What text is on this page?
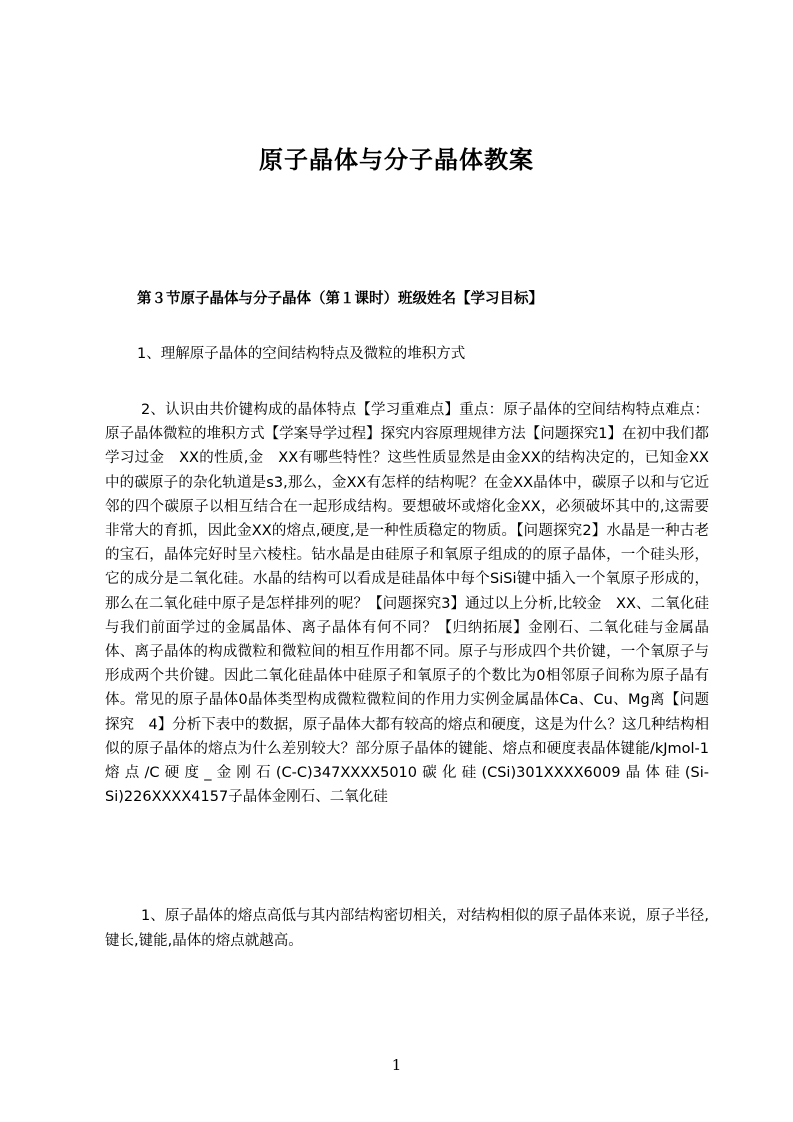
原子晶体与分子晶体教案

第３节原子晶体与分子晶体（第１课时）班级姓名【学习目标】

1、理解原子晶体的空间结构特点及微粒的堆积方式

2、认识由共价键构成的晶体特点【学习重难点】重点：原子晶体的空间结构特点难点：原子晶体微粒的堆积方式【学案导学过程】探究内容原理规律方法【问题探究1】在初中我们都学习过金　XX的性质,金　XX有哪些特性？这些性质显然是由金XX的结构决定的，已知金XX中的碳原子的杂化轨道是s3,那么，金XX有怎样的结构呢？在金XX晶体中，碳原子以和与它近邻的四个碳原子以相互结合在一起形成结构。要想破坏或熔化金XX，必须破坏其中的,这需要非常大的育抓，因此金XX的熔点,硬度,是一种性质稳定的物质。【问题探究2】水晶是一种古老的宝石，晶体完好时呈六棱柱。钻水晶是由硅原子和氧原子组成的的原子晶体，一个硅头形，它的成分是二氧化硅。水晶的结构可以看成是硅晶体中每个SiSi键中插入一个氧原子形成的，那么在二氧化硅中原子是怎样排列的呢？【问题探究3】通过以上分析,比较金　XX、二氧化硅与我们前面学过的金属晶体、离子晶体有何不同？【归纳拓展】金刚石、二氧化硅与金属晶体、离子晶体的构成微粒和微粒间的相互作用都不同。原子与形成四个共价键，一个氧原子与形成两个共价键。因此二氧化硅晶体中硅原子和氧原子的个数比为0相邻原子间称为原子晶有体。常见的原子晶体0晶体类型构成微粒微粒间的作用力实例金属晶体Ca、Cu、Mg离【问题探究　4】分析下表中的数据，原子晶体大都有较高的熔点和硬度，这是为什么？这几种结构相似的原子晶体的熔点为什么差别较大？部分原子晶体的键能、熔点和硬度表晶体键能/kJmol-1熔点/C硬度_金刚石(C-C)347XXXX5010碳化硅(CSi)301XXXX6009晶体硅(Si-Si)226XXXX4157子晶体金刚石、二氧化硅

1、原子晶体的熔点高低与其内部结构密切相关，对结构相似的原子晶体来说，原子半径,键长,键能,晶体的熔点就越高。

1
